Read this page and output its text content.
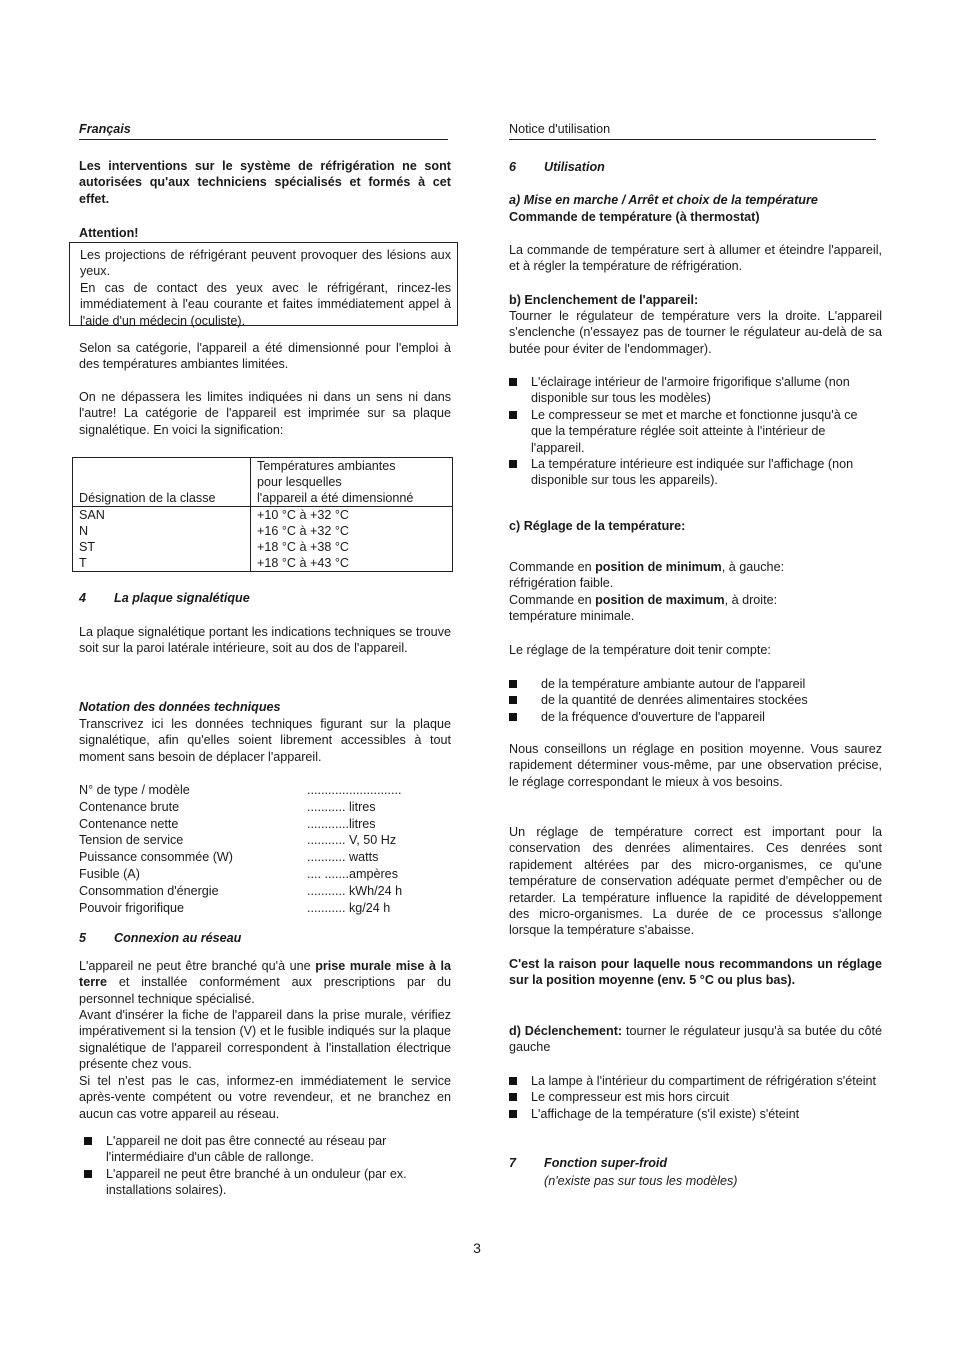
Français	Notice d'utilisation
Les interventions sur le système de réfrigération ne sont autorisées qu'aux techniciens spécialisés et formés à cet effet.
Attention!

Les projections de réfrigérant peuvent provoquer des lésions aux yeux.

En cas de contact des yeux avec le réfrigérant, rincez-les immédiatement à l'eau courante et faites immédiatement appel à l'aide d'un médecin (oculiste).

Selon sa catégorie, l'appareil a été dimensionné pour l'emploi à des températures ambiantes limitées.
On ne dépassera les limites indiquées ni dans un sens ni dans l'autre! La catégorie de l'appareil est imprimée sur sa plaque signalétique. En voici la signification:
Désignation de la classe	Températures ambiantes
pour lesquelles
l'appareil a été dimensionné

SAN	+10 °C à +32 °C
N	+16 °C à +32 °C
ST	+18 °C à +38 °C
T	+18 °C à +43 °C
4 La plaque signalétique
La plaque signalétique portant les indications techniques se trouve soit sur la paroi latérale intérieure, soit au dos de l'appareil.
Notation des données techniques
Transcrivez ici les données techniques figurant sur la plaque signalétique, afin qu'elles soient librement accessibles à tout moment sans besoin de déplacer l'appareil.
N° de type / modèle	...........................
Contenance brute	........... litres
Contenance nette	............litres
Tension de service	........... V, 50 Hz
Puissance consommée (W)	........... watts
Fusible (A)	.... .......ampères
Consommation d'énergie	........... kWh/24 h
Pouvoir frigorifique	........... kg/24 h
5 Connexion au réseau
L'appareil ne peut être branché qu'à une prise murale mise à la terre et installée conformément aux prescriptions par du personnel technique spécialisé.
Avant d'insérer la fiche de l'appareil dans la prise murale, vérifiez impérativement si la tension (V) et le fusible indiqués sur la plaque signalétique de l'appareil correspondent à l'installation électrique présente chez vous.
Si tel n'est pas le cas, informez-en immédiatement le service après-vente compétent ou votre revendeur, et ne branchez en aucun cas votre appareil au réseau.
L'appareil ne doit pas être connecté au réseau par l'intermédiaire d'un câble de rallonge.
L'appareil ne peut être branché à un onduleur (par ex. installations solaires).
6 Utilisation
a) Mise en marche / Arrêt et choix de la température
Commande de température (à thermostat)
La commande de température sert à allumer et éteindre l'appareil, et à régler la température de réfrigération.
b) Enclenchement de l'appareil:
Tourner le régulateur de température vers la droite. L'appareil s'enclenche (n'essayez pas de tourner le régulateur au-delà de sa butée pour éviter de l'endommager).
L'éclairage intérieur de l'armoire frigorifique s'allume (non disponible sur tous les modèles)
Le compresseur se met et marche et fonctionne jusqu'à ce que la température réglée soit atteinte à l'intérieur de l'appareil.
La température intérieure est indiquée sur l'affichage (non disponible sur tous les appareils).
c) Réglage de la température:
Commande en position de minimum, à gauche:
réfrigération faible.
Commande en position de maximum, à droite:
température minimale.
Le réglage de la température doit tenir compte:
de la température ambiante autour de l'appareil
de la quantité de denrées alimentaires stockées
de la fréquence d'ouverture de l'appareil
Nous conseillons un réglage en position moyenne. Vous saurez rapidement déterminer vous-même, par une observation précise, le réglage correspondant le mieux à vos besoins.
Un réglage de température correct est important pour la conservation des denrées alimentaires. Ces denrées sont rapidement altérées par des micro-organismes, ce qu'une température de conservation adéquate permet d'empêcher ou de retarder. La température influence la rapidité de développement des micro-organismes. La durée de ce processus s'allonge lorsque la température s'abaisse.
C'est la raison pour laquelle nous recommandons un réglage sur la position moyenne (env. 5 °C ou plus bas).
d) Déclenchement: tourner le régulateur jusqu'à sa butée du côté gauche
La lampe à l'intérieur du compartiment de réfrigération s'éteint
Le compresseur est mis hors circuit
L'affichage de la température (s'il existe) s'éteint
7 Fonction super-froid
(n'existe pas sur tous les modèles)
3
